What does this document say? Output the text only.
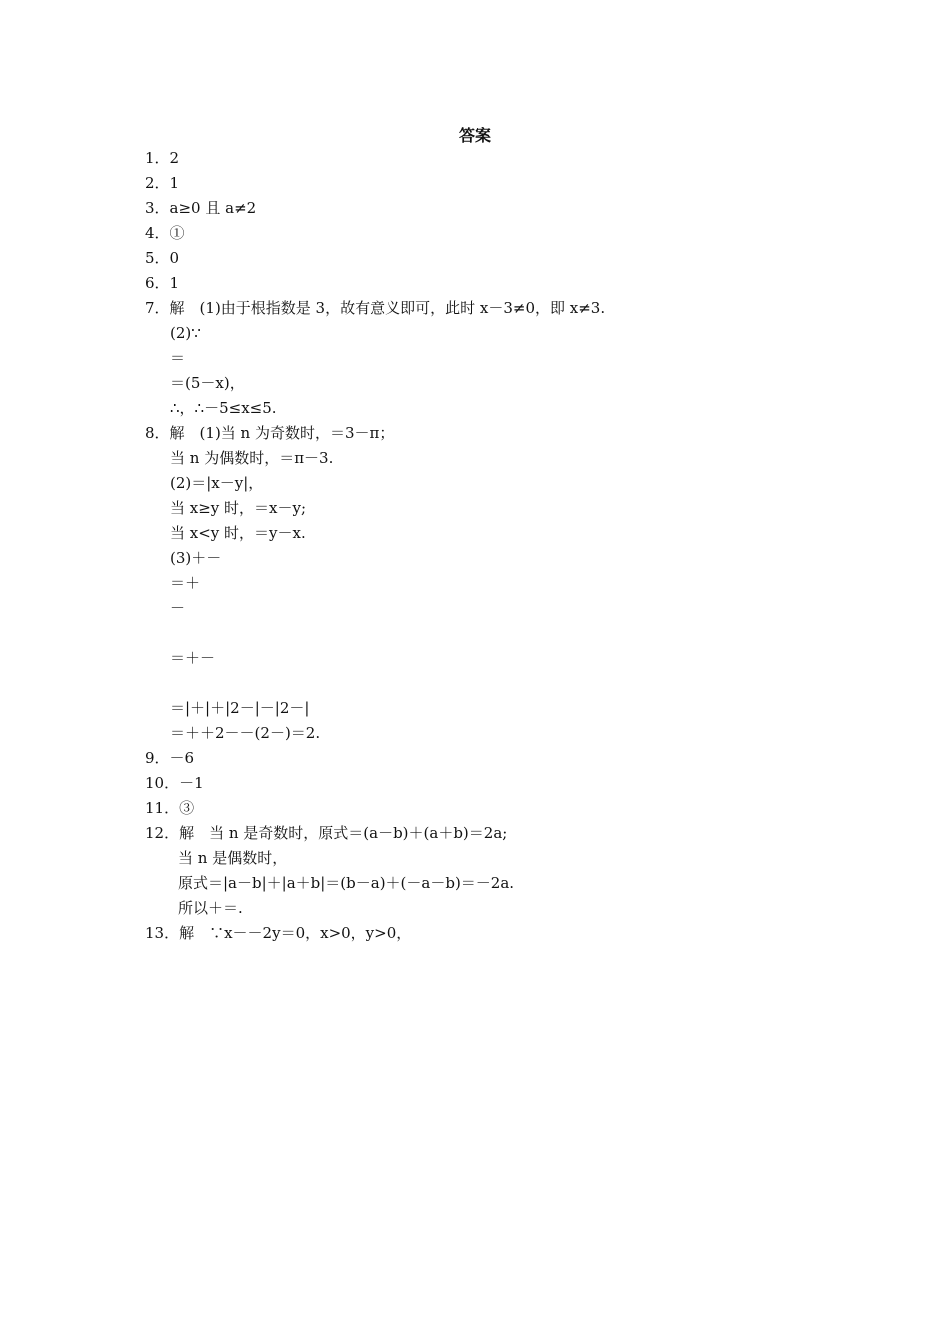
答案
1．2
2．1
3．a≥0 且 a≠2
4．①
5．0
6．1
7．解　(1)由于根指数是 3，故有意义即可，此时 x－3≠0，即 x≠3.
(2)∵
＝
＝(5－x)，
∴，∴－5≤x≤5.
8．解　(1)当 n 为奇数时，＝3－π；
当 n 为偶数时，＝π－3.
(2)＝|x－y|，
当 x≥y 时，＝x－y;
当 x<y 时，＝y－x.
(3)＋－
＝＋
－
＝＋－
＝|＋|＋|2－|－|2－|
＝＋＋2－－(2－)＝2.
9．－6
10．－1
11．③
12．解　当 n 是奇数时，原式＝(a－b)＋(a＋b)＝2a;
当 n 是偶数时，
原式＝|a－b|＋|a＋b|＝(b－a)＋(－a－b)＝－2a.
所以＋＝.
13．解　∵x－－2y＝0，x>0，y>0，
